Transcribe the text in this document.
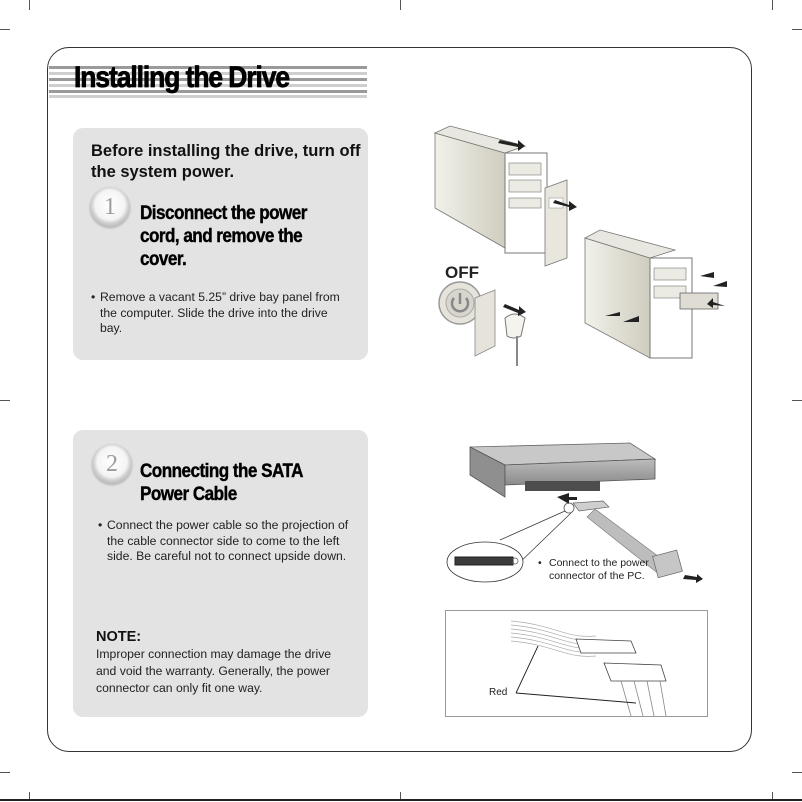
Installing the Drive
Before installing the drive, turn off the system power.
1	Disconnect the power cord, and remove the cover.
• Remove a vacant 5.25” drive bay panel from the computer. Slide the drive into the drive bay.
2	Connecting the SATA Power Cable
• Connect the power cable so the projection of the cable connector side to come to the left side. Be careful not to connect upside down.
NOTE:
Improper connection may damage the drive and void the warranty. Generally, the power connector can only fit one way.
OFF
• Connect to the power connector of the PC.
Red
